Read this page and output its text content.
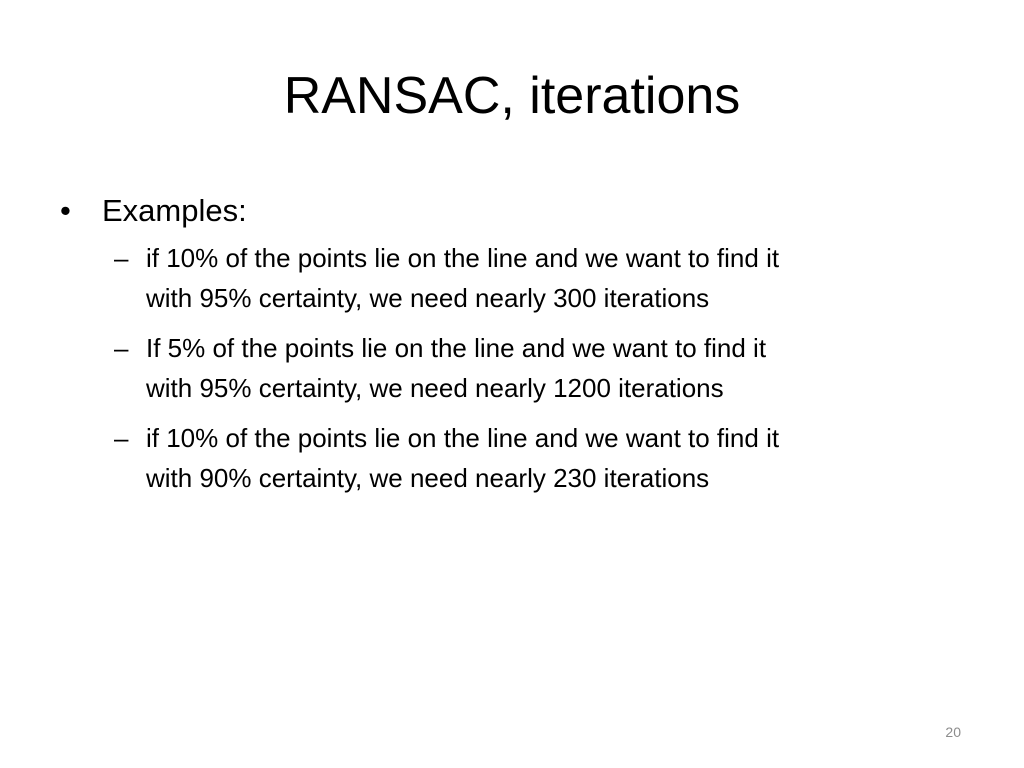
RANSAC, iterations
•	Examples:
– if 10% of the points lie on the line and we want to find it
with 95% certainty, we need nearly 300 iterations
– If 5% of the points lie on the line and we want to find it
with 95% certainty, we need nearly 1200 iterations
– if 10% of the points lie on the line and we want to find it
with 90% certainty, we need nearly 230 iterations
20
